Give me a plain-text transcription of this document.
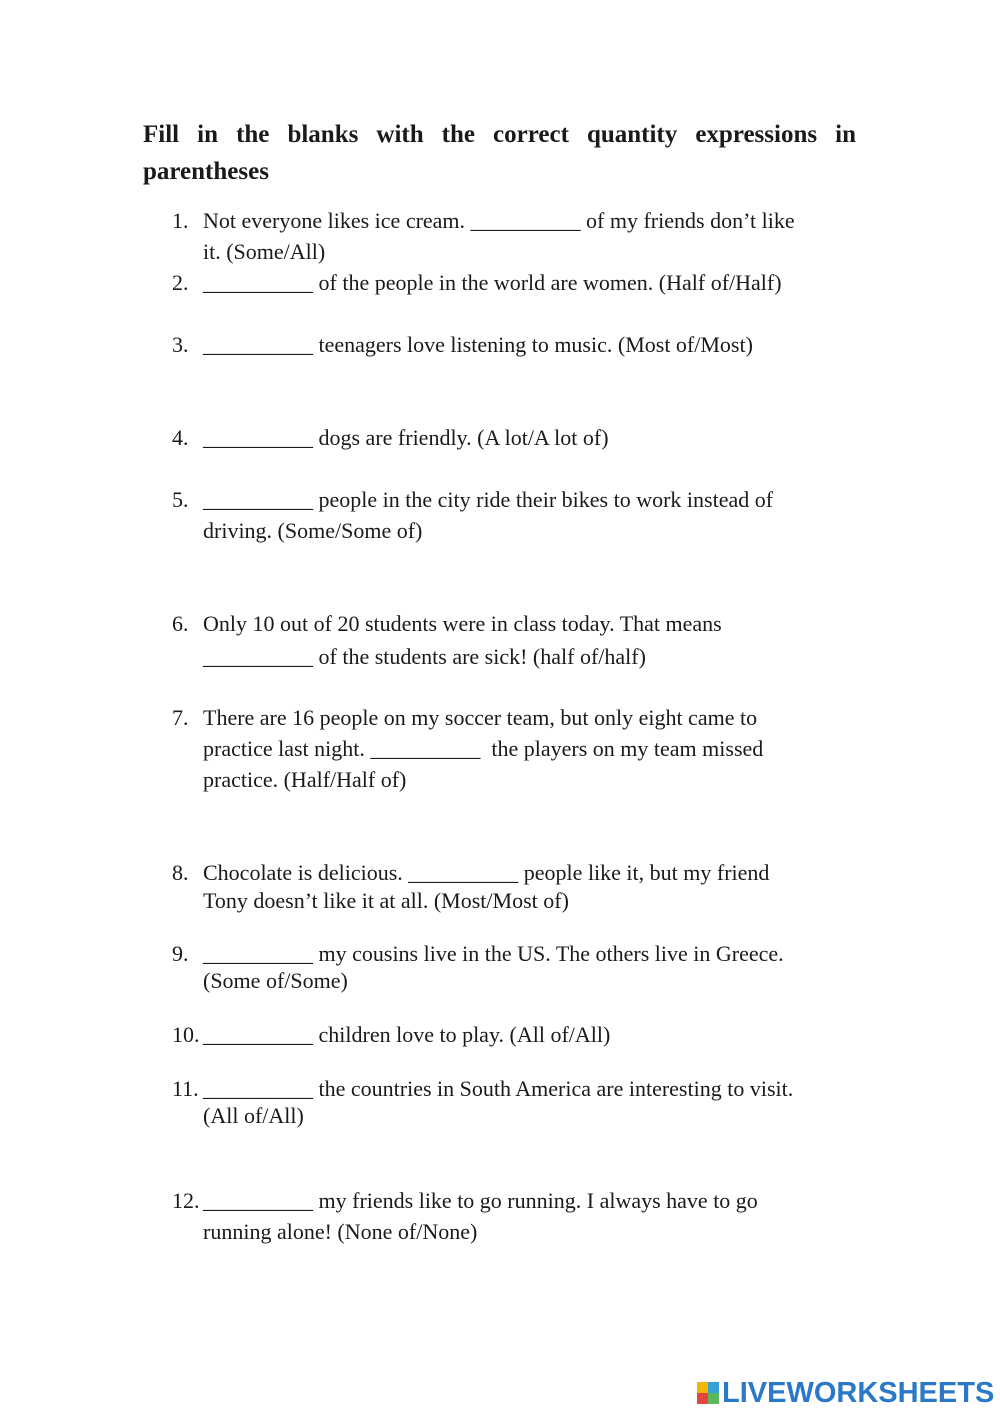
Fill in the blanks with the correct quantity expressions in parentheses
1. Not everyone likes ice cream. __________ of my friends don’t like
it. (Some/All)
2. __________ of the people in the world are women. (Half of/Half)
3. __________ teenagers love listening to music. (Most of/Most)
4. __________ dogs are friendly. (A lot/A lot of)
5. __________ people in the city ride their bikes to work instead of
driving. (Some/Some of)
6. Only 10 out of 20 students were in class today. That means
__________ of the students are sick! (half of/half)
7. There are 16 people on my soccer team, but only eight came to
practice last night. __________  the players on my team missed
practice. (Half/Half of)
8. Chocolate is delicious. __________ people like it, but my friend
Tony doesn’t like it at all. (Most/Most of)
9. __________ my cousins live in the US. The others live in Greece.
(Some of/Some)
10. __________ children love to play. (All of/All)
11. __________ the countries in South America are interesting to visit.
(All of/All)
12. __________ my friends like to go running. I always have to go
running alone! (None of/None)
LIVEWORKSHEETS
